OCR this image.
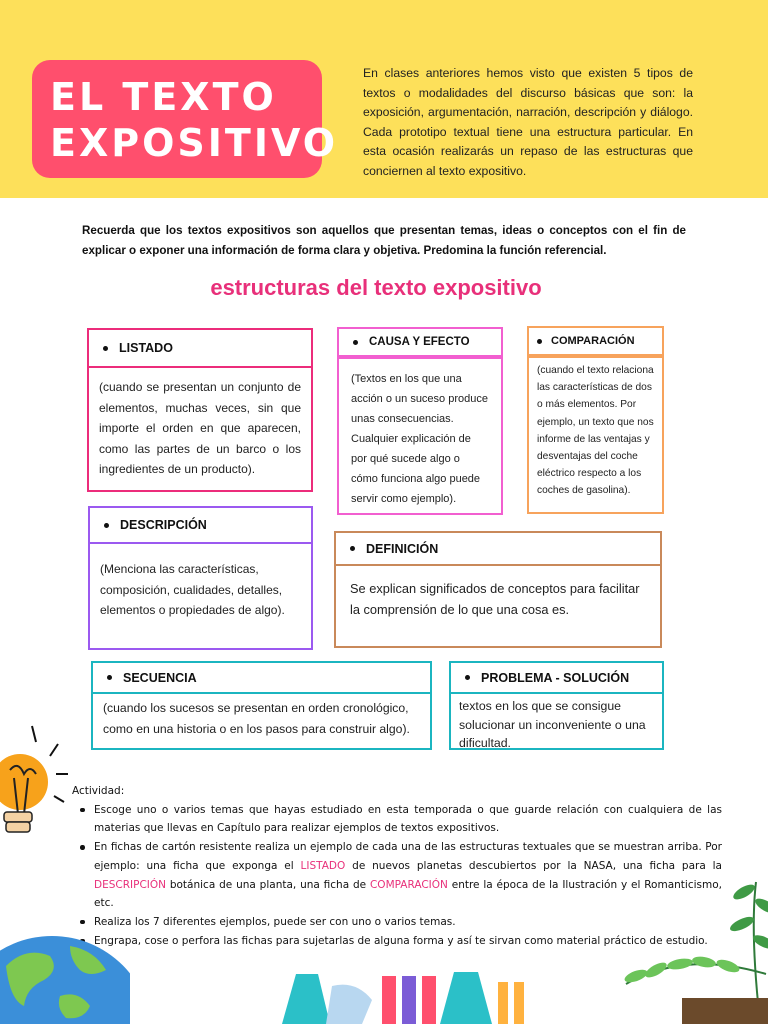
EL TEXTO
EXPOSITIVO

En clases anteriores hemos visto que existen 5 tipos de textos o modalidades del discurso básicas que son: la exposición, argumentación, narración, descripción y diálogo. Cada prototipo textual tiene una estructura particular. En esta ocasión realizarás un repaso de las estructuras que conciernen al texto expositivo.

Recuerda que los textos expositivos son aquellos que presentan temas, ideas o conceptos con el fin de explicar o exponer una información de forma clara y objetiva. Predomina la función referencial.

estructuras del texto expositivo
LISTADO
(cuando se presentan un conjunto de elementos, muchas veces, sin que importe el orden en que aparecen, como las partes de un barco o los ingredientes de un producto).
CAUSA Y EFECTO
(Textos en los que una acción o un suceso produce unas consecuencias. Cualquier explicación de por qué sucede algo o cómo funciona algo puede servir como ejemplo).
COMPARACIÓN
(cuando el texto relaciona las características de dos o más elementos. Por ejemplo, un texto que nos informe de las ventajas y desventajas del coche eléctrico respecto a los coches de gasolina).
DESCRIPCIÓN
(Menciona las características, composición, cualidades, detalles, elementos o propiedades de algo).
DEFINICIÓN
Se explican significados de conceptos para facilitar la comprensión de lo que una cosa es.
SECUENCIA
(cuando los sucesos se presentan en orden cronológico, como en una historia o en los pasos para construir algo).
PROBLEMA - SOLUCIÓN
textos en los que se consigue solucionar un inconveniente o una dificultad.
Actividad:
Escoge uno o varios temas que hayas estudiado en esta temporada o que guarde relación con cualquiera de las materias que llevas en Capítulo para realizar ejemplos de textos expositivos.
En fichas de cartón resistente realiza un ejemplo de cada una de las estructuras textuales que se muestran arriba. Por ejemplo: una ficha que exponga el LISTADO de nuevos planetas descubiertos por la NASA, una ficha para la DESCRIPCIÓN botánica de una planta, una ficha de COMPARACIÓN entre la época de la Ilustración y el Romanticismo, etc.
Realiza los 7 diferentes ejemplos, puede ser con uno o varios temas.
Engrapa, cose o perfora las fichas para sujetarlas de alguna forma y así te sirvan como material práctico de estudio.
